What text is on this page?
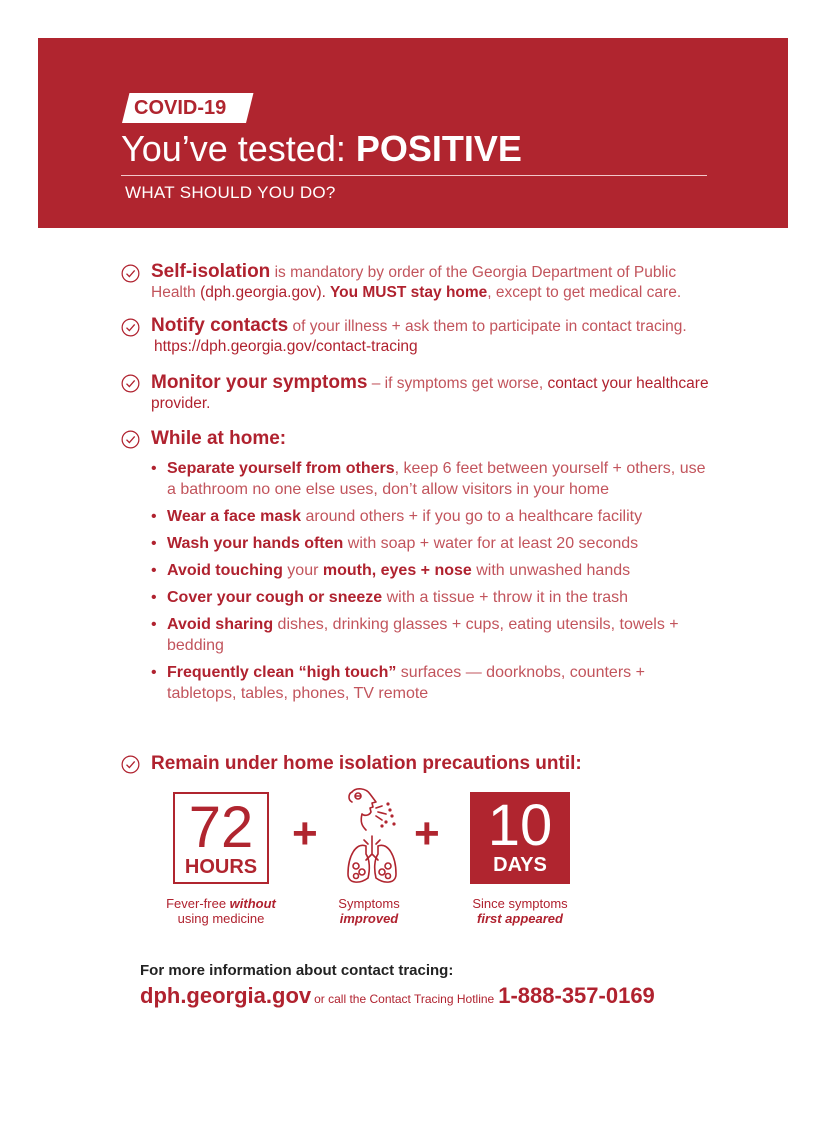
COVID-19
You’ve tested: POSITIVE
WHAT SHOULD YOU DO?
Self-isolation is mandatory by order of the Georgia Department of Public Health (dph.georgia.gov). You MUST stay home, except to get medical care.
Notify contacts of your illness + ask them to participate in contact tracing.
https://dph.georgia.gov/contact-tracing
Monitor your symptoms – if symptoms get worse, contact your healthcare provider.
While at home:
• Separate yourself from others, keep 6 feet between yourself + others, use a bathroom no one else uses, don’t allow visitors in your home
• Wear a face mask around others + if you go to a healthcare facility
• Wash your hands often with soap + water for at least 20 seconds
• Avoid touching your mouth, eyes + nose with unwashed hands
• Cover your cough or sneeze with a tissue + throw it in the trash
• Avoid sharing dishes, drinking glasses + cups, eating utensils, towels + bedding
• Frequently clean “high touch” surfaces — doorknobs, counters + tabletops, tables, phones, TV remote
Remain under home isolation precautions until:
72
HOURS
+ + 10
DAYS
Fever-free without
using medicine
Symptoms
improved
Since symptoms
first appeared
For more information about contact tracing:
dph.georgia.gov or call the Contact Tracing Hotline 1-888-357-0169
